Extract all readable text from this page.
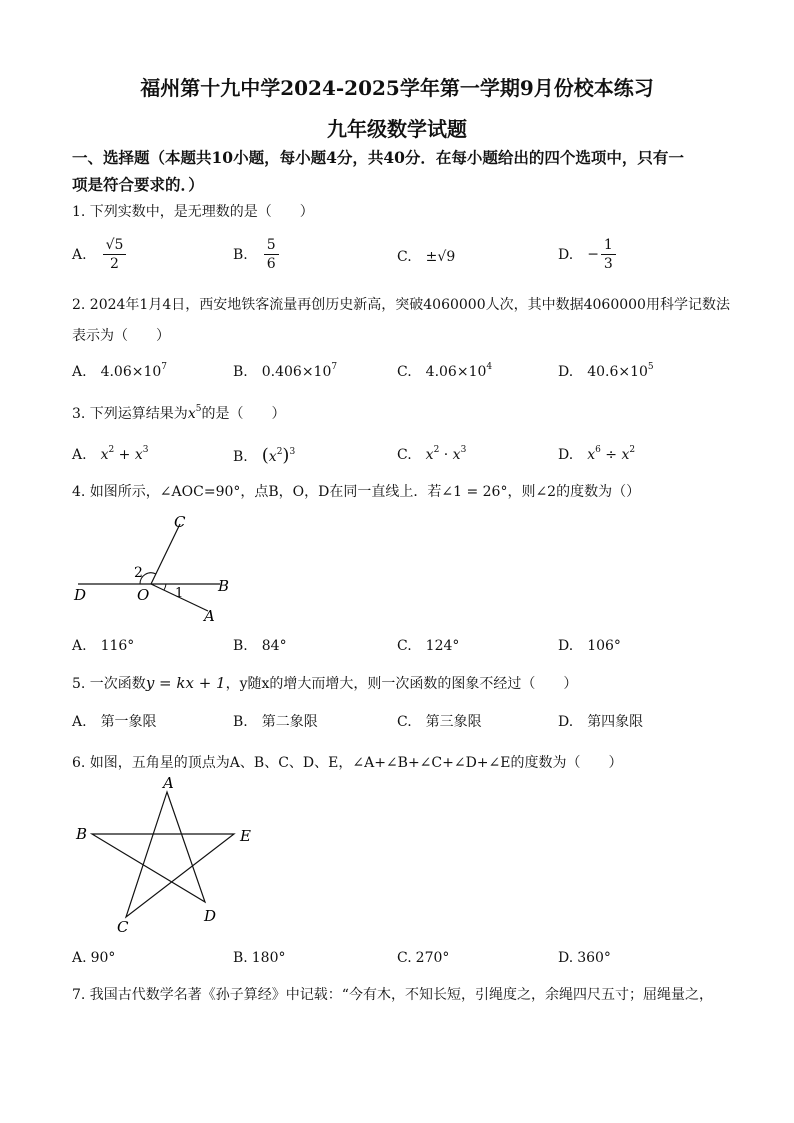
福州第十九中学2024-2025学年第一学期9月份校本练习
九年级数学试题
一、选择题（本题共10小题，每小题4分，共40分．在每小题给出的四个选项中，只有一
项是符合要求的．）
1. 下列实数中，是无理数的是（　　）
A. $\frac{√5}{2}$	B. $\frac{5}{6}$	C. ±√9	D. − $\frac{1}{3}$
2. 2024年1月4日，西安地铁客流量再创历史新高，突破4060000人次，其中数据4060000用科学记数法
表示为（　　）
A. $4.06\times 10^7$	B. $0.406\times 10^7$	C. $4.06\times 10^4$	D. $40.6\times 10^5$
3. 下列运算结果为$x^5$的是（　　）
A. $x^2 + x^3$	B. $(x^2)^3$	C. $x^2 \cdot x^3$	D. $x^6 \div x^2$
4. 如图所示，∠AOC=90°，点B，O，D在同一直线上．若∠1 = 26°，则∠2的度数为（）
C
D	O	B
A
2
1
A. 116°	B. 84°	C. 124°	D. 106°
5. 一次函数y = kx + 1，y随x的增大而增大，则一次函数的图象不经过（　　）
A. 第一象限	B. 第二象限	C. 第三象限	D. 第四象限
6. 如图，五角星的顶点为A、B、C、D、E，∠A+∠B+∠C+∠D+∠E的度数为（　　）
A
B	E
C
D
A. 90°	B. 180°	C. 270°	D. 360°
7. 我国古代数学名著《孙子算经》中记载：“今有木，不知长短，引绳度之，余绳四尺五寸；屈绳量之，
